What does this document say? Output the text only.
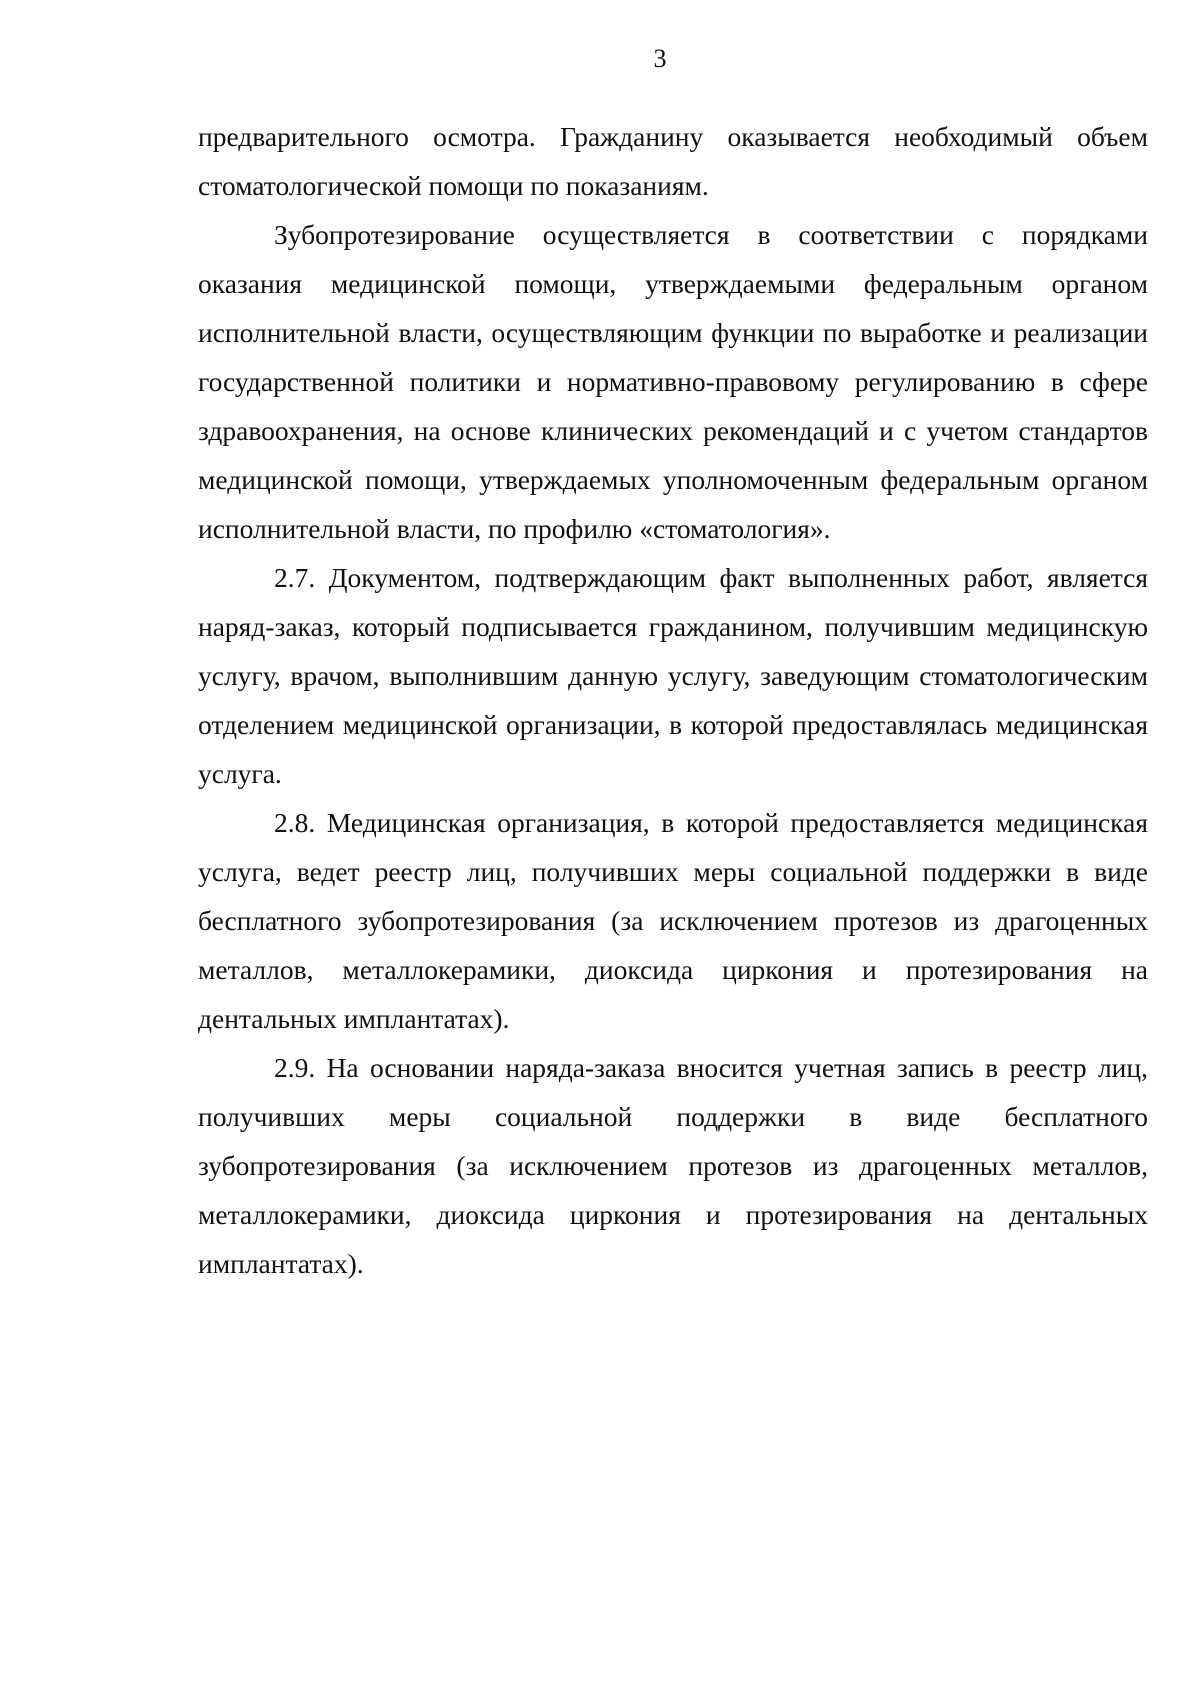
3

предварительного осмотра. Гражданину оказывается необходимый объем стоматологической помощи по показаниям.

Зубопротезирование осуществляется в соответствии с порядками оказания медицинской помощи, утверждаемыми федеральным органом исполнительной власти, осуществляющим функции по выработке и реализации государственной политики и нормативно-правовому регулированию в сфере здравоохранения, на основе клинических рекомендаций и с учетом стандартов медицинской помощи, утверждаемых уполномоченным федеральным органом исполнительной власти, по профилю «стоматология».

2.7. Документом, подтверждающим факт выполненных работ, является наряд-заказ, который подписывается гражданином, получившим медицинскую услугу, врачом, выполнившим данную услугу, заведующим стоматологическим отделением медицинской организации, в которой предоставлялась медицинская услуга.

2.8. Медицинская организация, в которой предоставляется медицинская услуга, ведет реестр лиц, получивших меры социальной поддержки в виде бесплатного зубопротезирования (за исключением протезов из драгоценных металлов, металлокерамики, диоксида циркония и протезирования на дентальных имплантатах).

2.9. На основании наряда-заказа вносится учетная запись в реестр лиц, получивших меры социальной поддержки в виде бесплатного зубопротезирования (за исключением протезов из драгоценных металлов, металлокерамики, диоксида циркония и протезирования на дентальных имплантатах).
